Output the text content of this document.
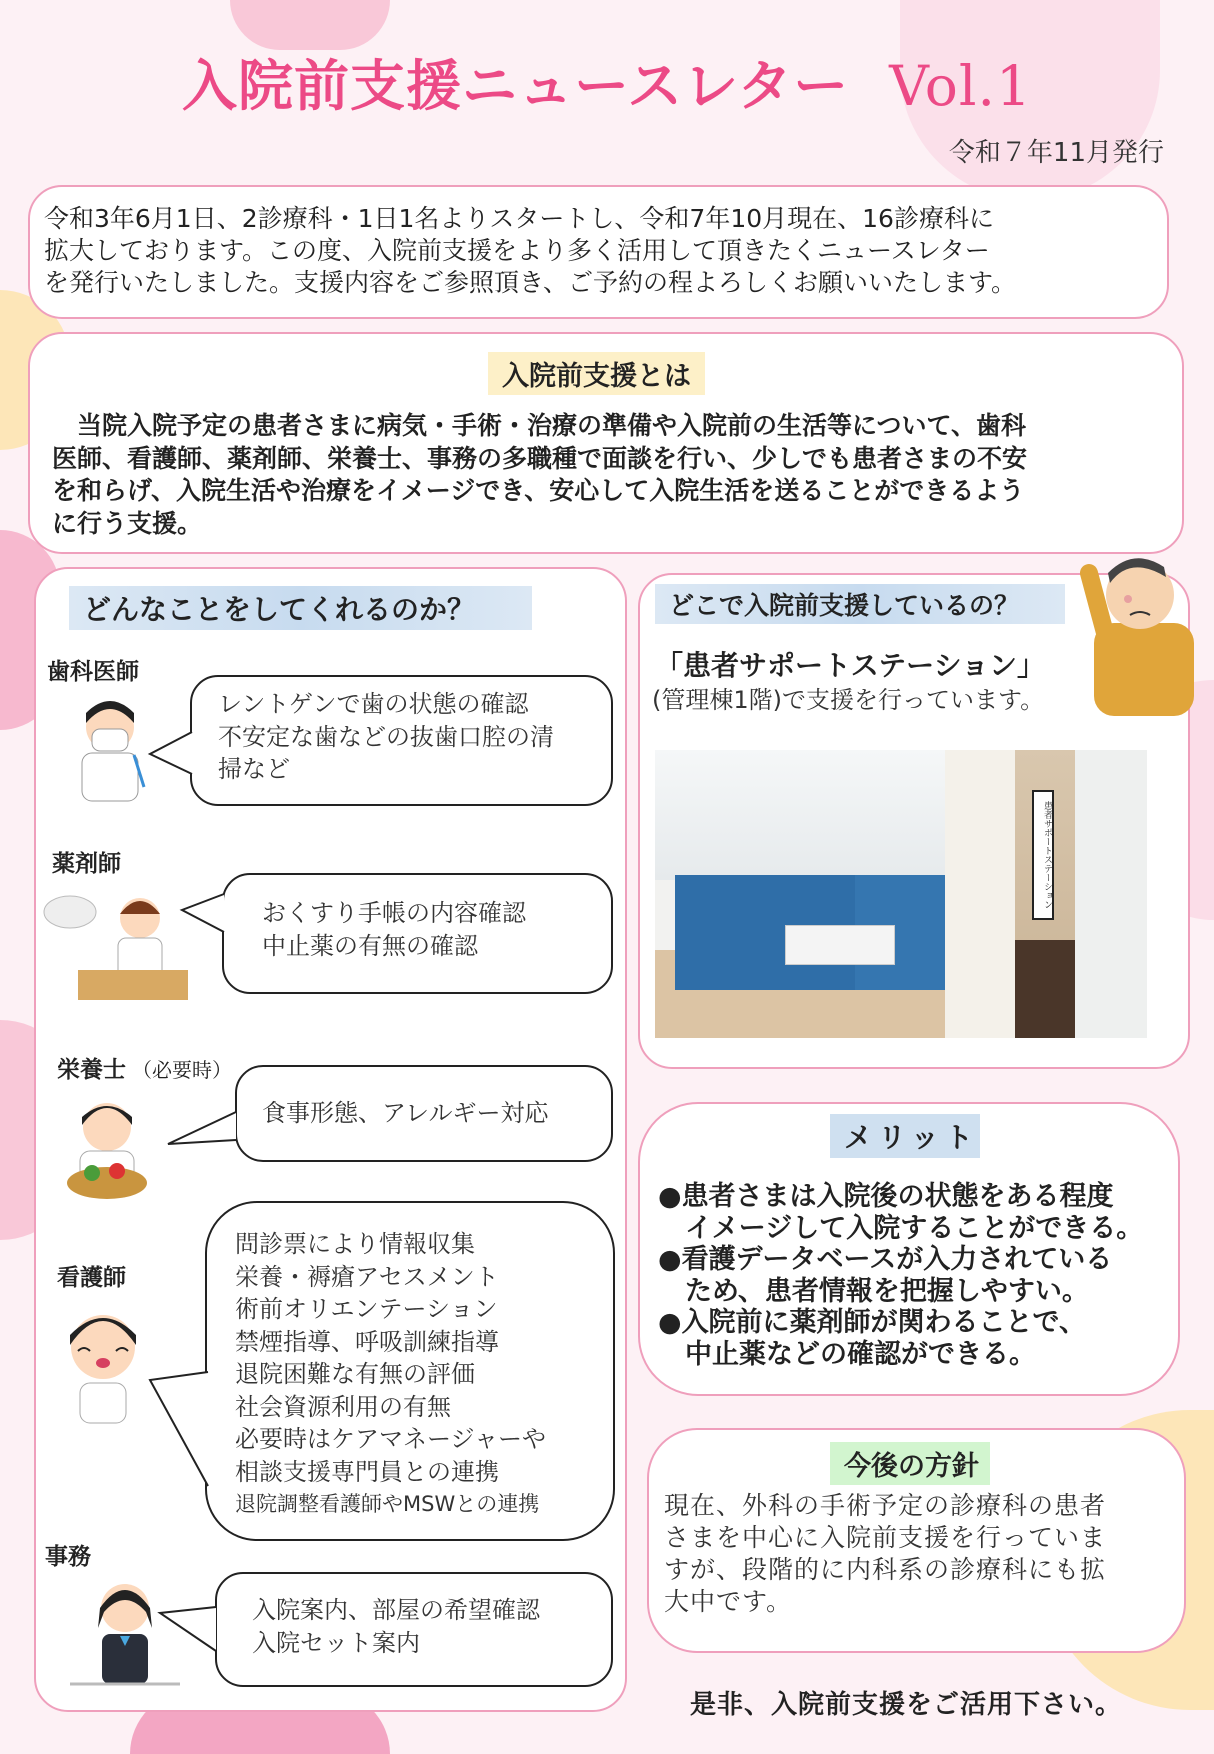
入院前支援ニュースレター Vol.1
令和７年11月発行
令和3年6月1日、2診療科・1日1名よりスタートし、令和7年10月現在、16診療科に
拡大しております。この度、入院前支援をより多く活用して頂きたくニュースレター
を発行いたしました。支援内容をご参照頂き、ご予約の程よろしくお願いいたします。
入院前支援とは
　当院入院予定の患者さまに病気・手術・治療の準備や入院前の生活等について、歯科
医師、看護師、薬剤師、栄養士、事務の多職種で面談を行い、少しでも患者さまの不安
を和らげ、入院生活や治療をイメージでき、安心して入院生活を送ることができるよう
に行う支援。
どんなことをしてくれるのか？
歯科医師
レントゲンで歯の状態の確認
不安定な歯などの抜歯口腔の清
掃など
薬剤師
おくすり手帳の内容確認
中止薬の有無の確認
栄養士 （必要時）
食事形態、アレルギー対応
看護師
問診票により情報収集
栄養・褥瘡アセスメント
術前オリエンテーション
禁煙指導、呼吸訓練指導
退院困難な有無の評価
社会資源利用の有無
必要時はケアマネージャーや
相談支援専門員との連携
退院調整看護師やMSWとの連携
事務
入院案内、部屋の希望確認
入院セット案内
どこで入院前支援しているの？
「患者サポートステーション」
(管理棟1階)で支援を行っています。
患者サポートステーション
メリット
●患者さまは入院後の状態をある程度
イメージして入院することができる。
●看護データベースが入力されている
ため、患者情報を把握しやすい。
●入院前に薬剤師が関わることで、
中止薬などの確認ができる。
今後の方針
現在、外科の手術予定の診療科の患者
さまを中心に入院前支援を行っていま
すが、段階的に内科系の診療科にも拡
大中です。
是非、入院前支援をご活用下さい。
